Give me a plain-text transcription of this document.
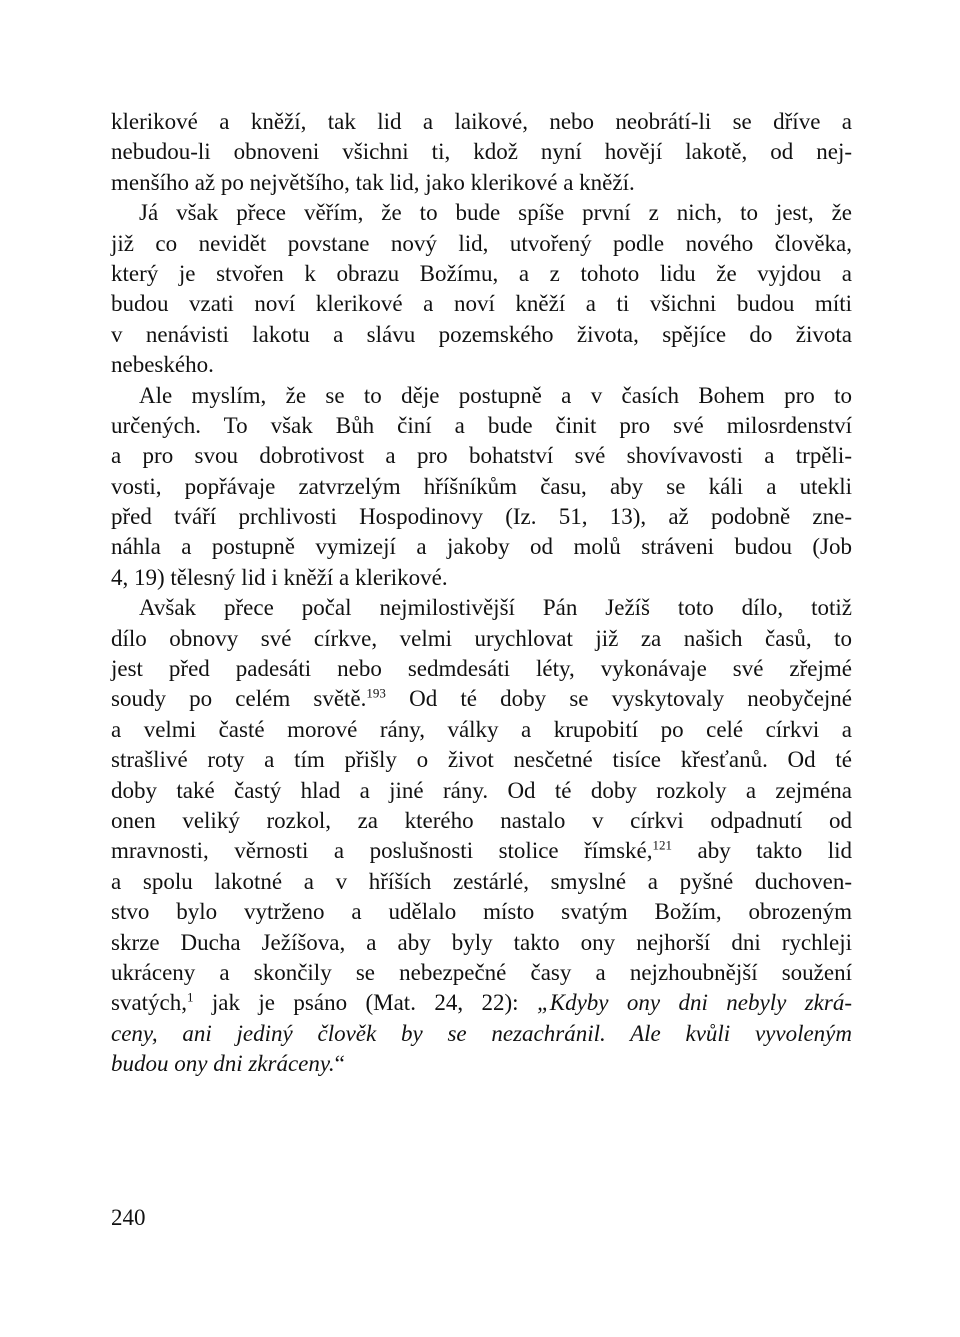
klerikové a kněží, tak lid a laikové, nebo neobrátí-li se dříve a
nebudou-li obnoveni všichni ti, kdož nyní hovějí lakotě, od nej-
menšího až po největšího, tak lid, jako klerikové a kněží.
Já však přece věřím, že to bude spíše první z nich, to jest, že
již co nevidět povstane nový lid, utvořený podle nového člověka,
který je stvořen k obrazu Božímu, a z tohoto lidu že vyjdou a
budou vzati noví klerikové a noví kněží a ti všichni budou míti
v nenávisti lakotu a slávu pozemského života, spějíce do života
nebeského.
Ale myslím, že se to děje postupně a v časích Bohem pro to
určených. To však Bůh činí a bude činit pro své milosrdenství
a pro svou dobrotivost a pro bohatství své shovívavosti a trpěli-
vosti, popřávaje zatvrzelým hříšníkům času, aby se káli a utekli
před tváří prchlivosti Hospodinovy (Iz. 51, 13), až podobně zne-
náhla a postupně vymizejí a jakoby od molů stráveni budou (Job
4, 19) tělesný lid i kněží a klerikové.
Avšak přece počal nejmilostivější Pán Ježíš toto dílo, totiž
dílo obnovy své církve, velmi urychlovat již za našich časů, to
jest před padesáti nebo sedmdesáti léty, vykonávaje své zřejmé
soudy po celém světě.$^{193}$ Od té doby se vyskytovaly neobyčejné
a velmi časté morové rány, války a krupobití po celé církvi a
strašlivé roty a tím přišly o život nesčetné tisíce křesťanů. Od té
doby také častý hlad a jiné rány. Od té doby rozkoly a zejména
onen veliký rozkol, za kterého nastalo v církvi odpadnutí od
mravnosti, věrnosti a poslušnosti stolice římské,$^{121}$ aby takto lid
a spolu lakotné a v hříších zestárlé, smyslné a pyšné duchoven-
stvo bylo vytrženo a udělalo místo svatým Božím, obrozeným
skrze Ducha Ježíšova, a aby byly takto ony nejhorší dni rychleji
ukráceny a skončily se nebezpečné časy a nejzhoubnější soužení
svatých,$^1$ jak je psáno (Mat. 24, 22): „Kdyby ony dni nebyly zkrá-
ceny, ani jediný člověk by se nezachránil. Ale kvůli vyvoleným
budou ony dni zkráceny.“
240
